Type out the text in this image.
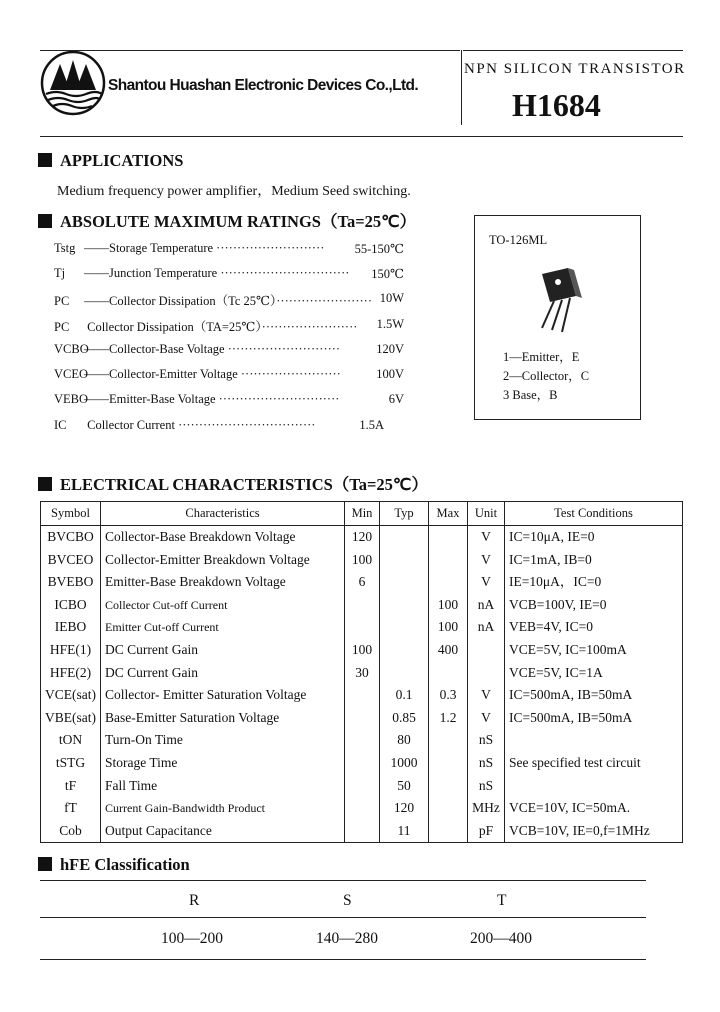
Shantou Huashan Electronic Devices Co.,Ltd.
NPN SILICON TRANSISTOR
H1684
APPLICATIONS
Medium frequency power amplifier，Medium Seed switching.
ABSOLUTE MAXIMUM RATINGS（Ta=25℃）
Tstg ——Storage Temperature ·························· 55-150℃
Tj ——Junction Temperature ······························· 150℃
PC ——Collector Dissipation（Tc 25℃）······················· 10W
PC Collector Dissipation（TA=25℃）······················· 1.5W
VCBO——Collector-Base Voltage ···························	120V
VCEO——Collector-Emitter Voltage ························	100V
VEBO——Emitter-Base Voltage ·····························	6V
IC Collector Current ·································	1.5A
TO-126ML
1—Emitter，E
2—Collector，C
3 Base，B
ELECTRICAL CHARACTERISTICS（Ta=25℃）
Symbol	Characteristics	Min	Typ	Max	Unit	Test Conditions
BVCBO	Collector-Base Breakdown Voltage	120			V	IC=10μA, IE=0
BVCEO	Collector-Emitter Breakdown Voltage	100			V	IC=1mA, IB=0
BVEBO	Emitter-Base Breakdown Voltage	6			V	IE=10μA，IC=0
ICBO	Collector Cut-off Current			100	nA	VCB=100V, IE=0
IEBO	Emitter Cut-off Current			100	nA	VEB=4V, IC=0
HFE(1)	DC Current Gain	100		400		VCE=5V, IC=100mA
HFE(2)	DC Current Gain	30				VCE=5V, IC=1A
VCE(sat)	Collector- Emitter Saturation Voltage		0.1	0.3	V	IC=500mA, IB=50mA
VBE(sat)	Base-Emitter Saturation Voltage		0.85	1.2	V	IC=500mA, IB=50mA
tON	Turn-On Time		80		nS	
tSTG	Storage Time		1000		nS	See specified test circuit
tF	Fall Time		50		nS	
fT	Current Gain-Bandwidth Product		120		MHz	VCE=10V, IC=50mA.
Cob	Output Capacitance		11		pF	VCB=10V, IE=0,f=1MHz
hFE Classification
R	S	T
100—200	140—280	200—400
